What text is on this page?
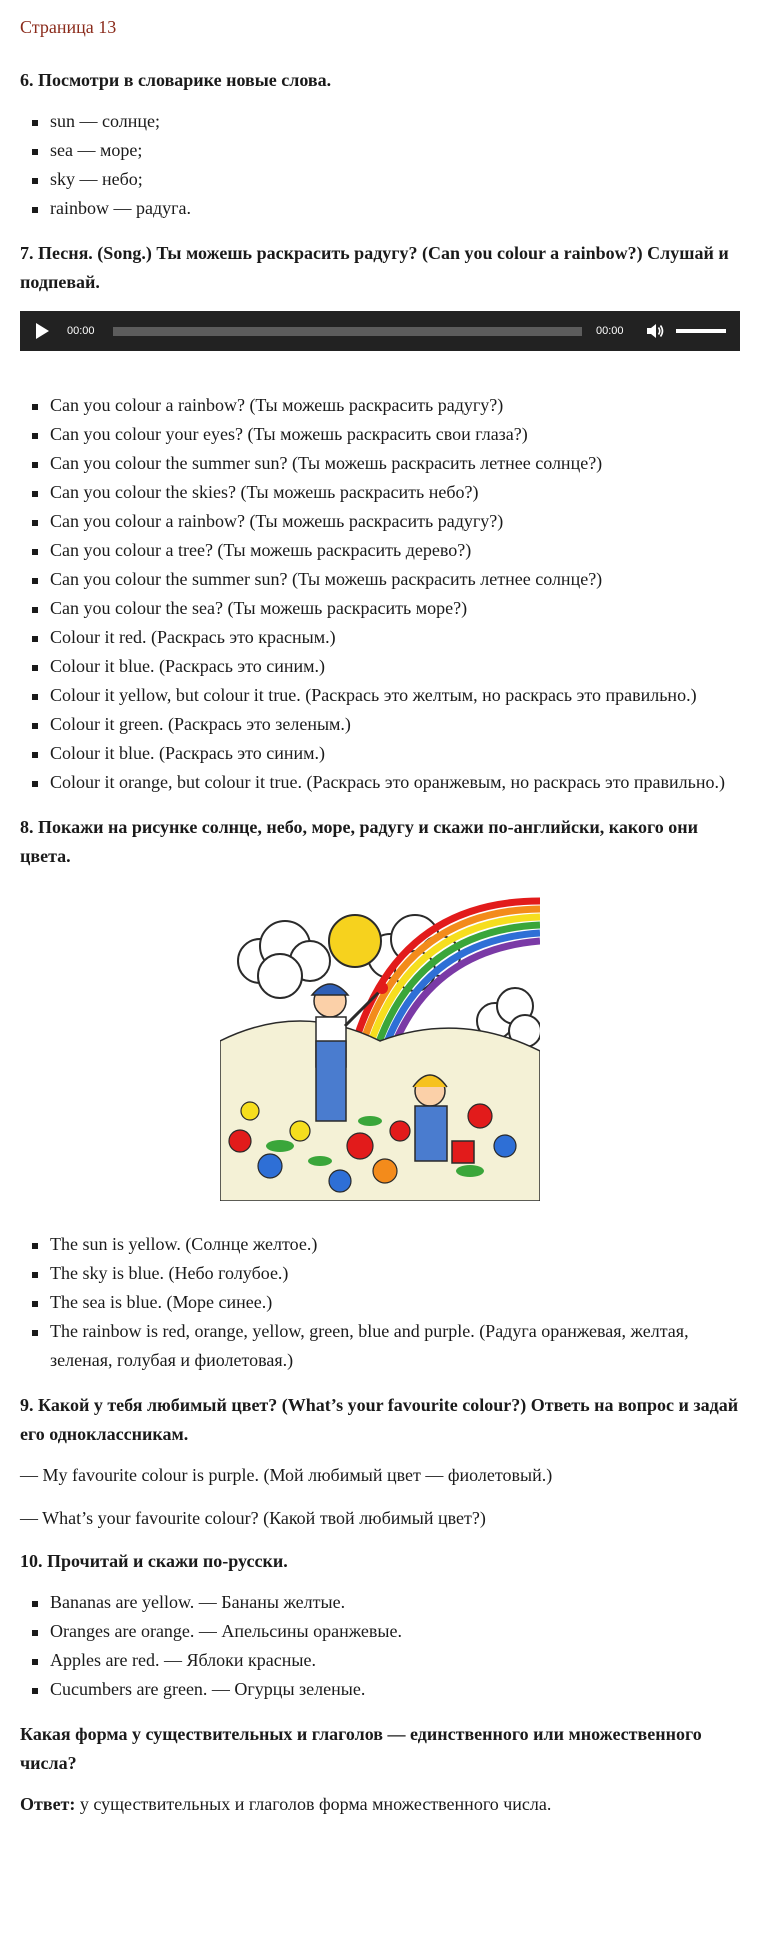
Страница 13
6. Посмотри в словарике новые слова.
sun — солнце;
sea — море;
sky — небо;
rainbow — радуга.
7. Песня. (Song.) Ты можешь раскрасить радугу? (Can you colour a rainbow?) Слушай и подпевай.
00:00	00:00
Can you colour a rainbow? (Ты можешь раскрасить радугу?)
Can you colour your eyes? (Ты можешь раскрасить свои глаза?)
Can you colour the summer sun? (Ты можешь раскрасить летнее солнце?)
Can you colour the skies? (Ты можешь раскрасить небо?)
Can you colour a rainbow? (Ты можешь раскрасить радугу?)
Can you colour a tree? (Ты можешь раскрасить дерево?)
Can you colour the summer sun? (Ты можешь раскрасить летнее солнце?)
Can you colour the sea? (Ты можешь раскрасить море?)
Colour it red. (Раскрась это красным.)
Colour it blue. (Раскрась это синим.)
Colour it yellow, but colour it true. (Раскрась это желтым, но раскрась это правильно.)
Colour it green. (Раскрась это зеленым.)
Colour it blue. (Раскрась это синим.)
Colour it orange, but colour it true. (Раскрась это оранжевым, но раскрась это правильно.)
8. Покажи на рисунке солнце, небо, море, радугу и скажи по-английски, какого они цвета.
The sun is yellow. (Солнце желтое.)
The sky is blue. (Небо голубое.)
The sea is blue. (Море синее.)
The rainbow is red, orange, yellow, green, blue and purple. (Радуга оранжевая, желтая, зеленая, голубая и фиолетовая.)
9. Какой у тебя любимый цвет? (What’s your favourite colour?) Ответь на вопрос и задай его одноклассникам.

— My favourite colour is purple. (Мой любимый цвет — фиолетовый.)

— What’s your favourite colour? (Какой твой любимый цвет?)

10. Прочитай и скажи по-русски.
Bananas are yellow. — Бананы желтые.
Oranges are orange. — Апельсины оранжевые.
Apples are red. — Яблоки красные.
Cucumbers are green. — Огурцы зеленые.
Какая форма у существительных и глаголов — единственного или множественного числа?

Ответ: у существительных и глаголов форма множественного числа.
